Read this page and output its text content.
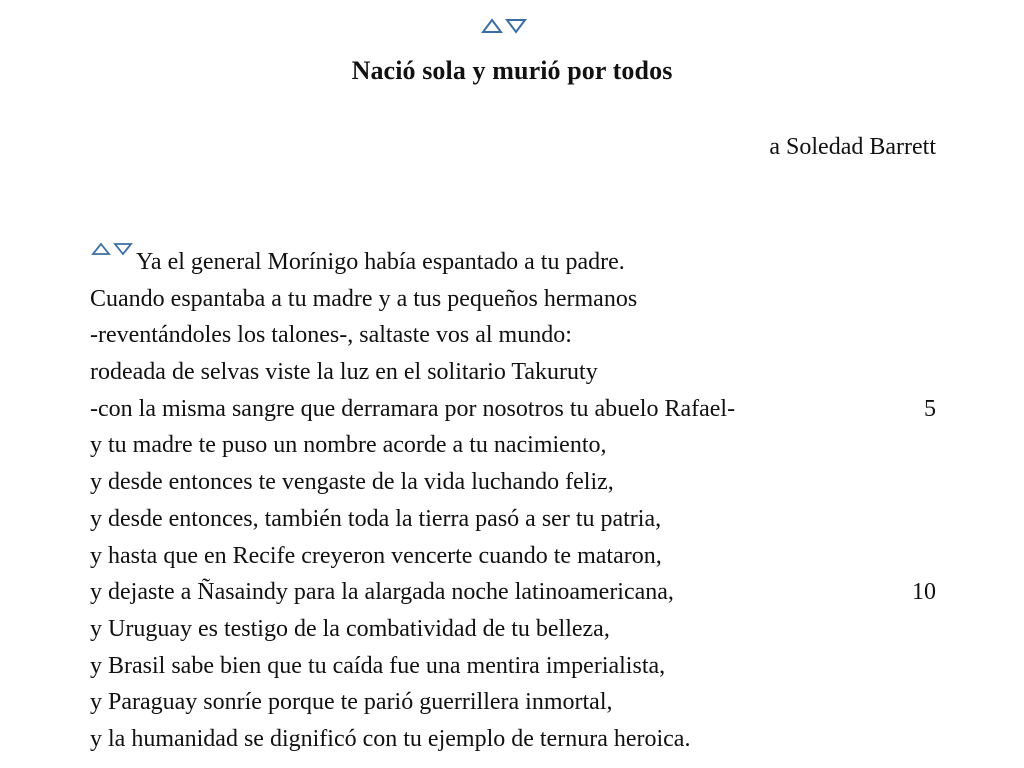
Nació sola y murió por todos

a Soledad Barrett

Ya el general Morínigo había espantado a tu padre.
Cuando espantaba a tu madre y a tus pequeños hermanos
-reventándoles los talones-, saltaste vos al mundo:
rodeada de selvas viste la luz en el solitario Takuruty
-con la misma sangre que derramara por nosotros tu abuelo Rafael-	5
y tu madre te puso un nombre acorde a tu nacimiento,
y desde entonces te vengaste de la vida luchando feliz,
y desde entonces, también toda la tierra pasó a ser tu patria,
y hasta que en Recife creyeron vencerte cuando te mataron,
y dejaste a Ñasaindy para la alargada noche latinoamericana,	10
y Uruguay es testigo de la combatividad de tu belleza,
y Brasil sabe bien que tu caída fue una mentira imperialista,
y Paraguay sonríe porque te parió guerrillera inmortal,
y la humanidad se dignificó con tu ejemplo de ternura heroica.
